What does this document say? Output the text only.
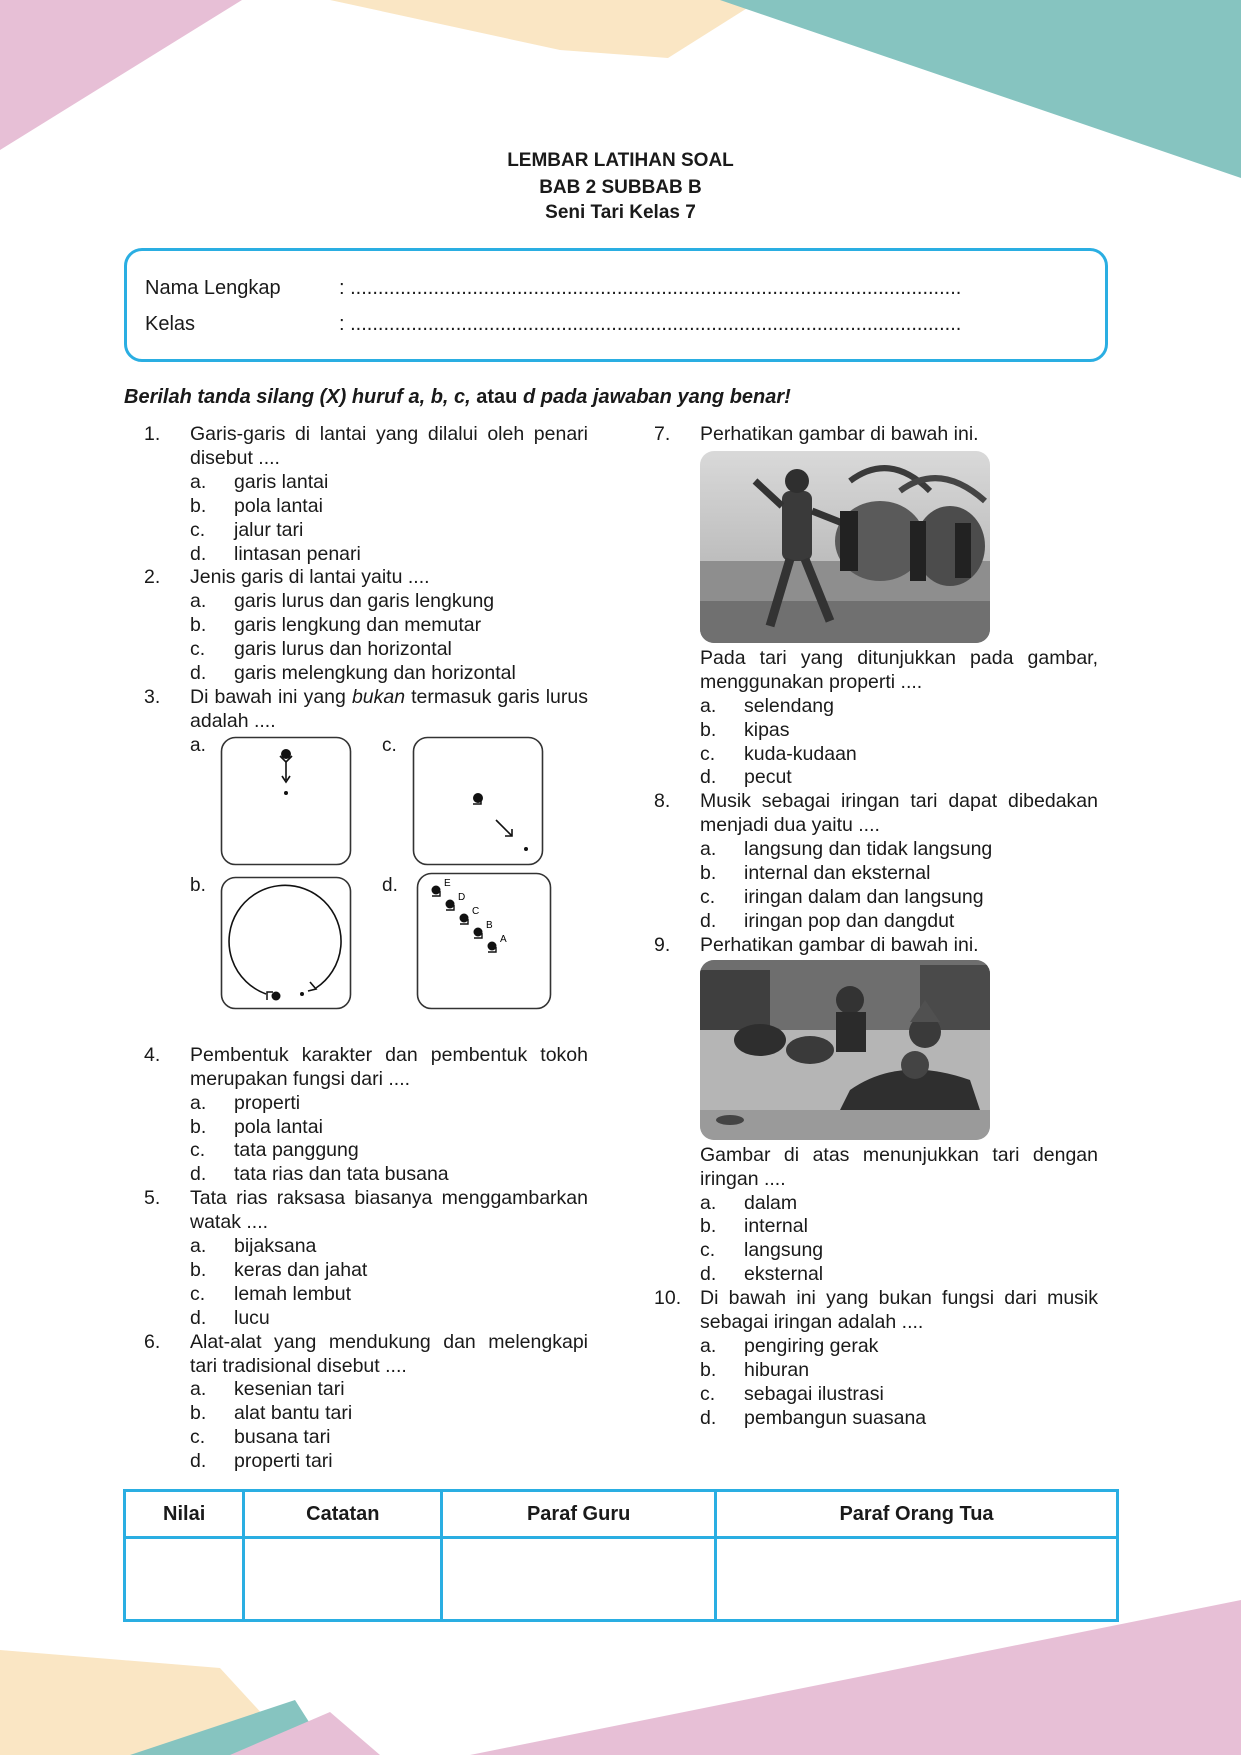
LEMBAR LATIHAN SOAL
BAB 2 SUBBAB B
Seni Tari Kelas 7
Nama Lengkap	: ..............................................................................................................
Kelas	: ..............................................................................................................
Berilah tanda silang (X) huruf a, b, c, atau d pada jawaban yang benar!
1.	Garis-garis di lantai yang dilalui oleh penari disebut ....
a.	garis lantai
b.	pola lantai
c.	jalur tari
d.	lintasan penari
2.	Jenis garis di lantai yaitu ....
a.	garis lurus dan garis lengkung
b.	garis lengkung dan memutar
c.	garis lurus dan horizontal
d.	garis melengkung dan horizontal
3.	Di bawah ini yang bukan termasuk garis lurus adalah ....
a.	c.
b.	d.	E
D
C
B
A
4.	Pembentuk karakter dan pembentuk tokoh merupakan fungsi dari ....
a.	properti
b.	pola lantai
c.	tata panggung
d.	tata rias dan tata busana
5.	Tata rias raksasa biasanya menggambarkan watak ....
a.	bijaksana
b.	keras dan jahat
c.	lemah lembut
d.	lucu
6.	Alat-alat yang mendukung dan melengkapi tari tradisional disebut ....
a.	kesenian tari
b.	alat bantu tari
c.	busana tari
d.	properti tari
7.	Perhatikan gambar di bawah ini.
Pada tari yang ditunjukkan pada gambar, menggunakan properti ....
a.	selendang
b.	kipas
c.	kuda-kudaan
d.	pecut
8.	Musik sebagai iringan tari dapat dibedakan menjadi dua yaitu ....
a.	langsung dan tidak langsung
b.	internal dan eksternal
c.	iringan dalam dan langsung
d.	iringan pop dan dangdut
9.	Perhatikan gambar di bawah ini.
Gambar di atas menunjukkan tari dengan iringan ....
a.	dalam
b.	internal
c.	langsung
d.	eksternal
10. Di bawah ini yang bukan fungsi dari musik sebagai iringan adalah ....
a.	pengiring gerak
b.	hiburan
c.	sebagai ilustrasi
d.	pembangun suasana
Nilai	Catatan	Paraf Guru	Paraf Orang Tua
